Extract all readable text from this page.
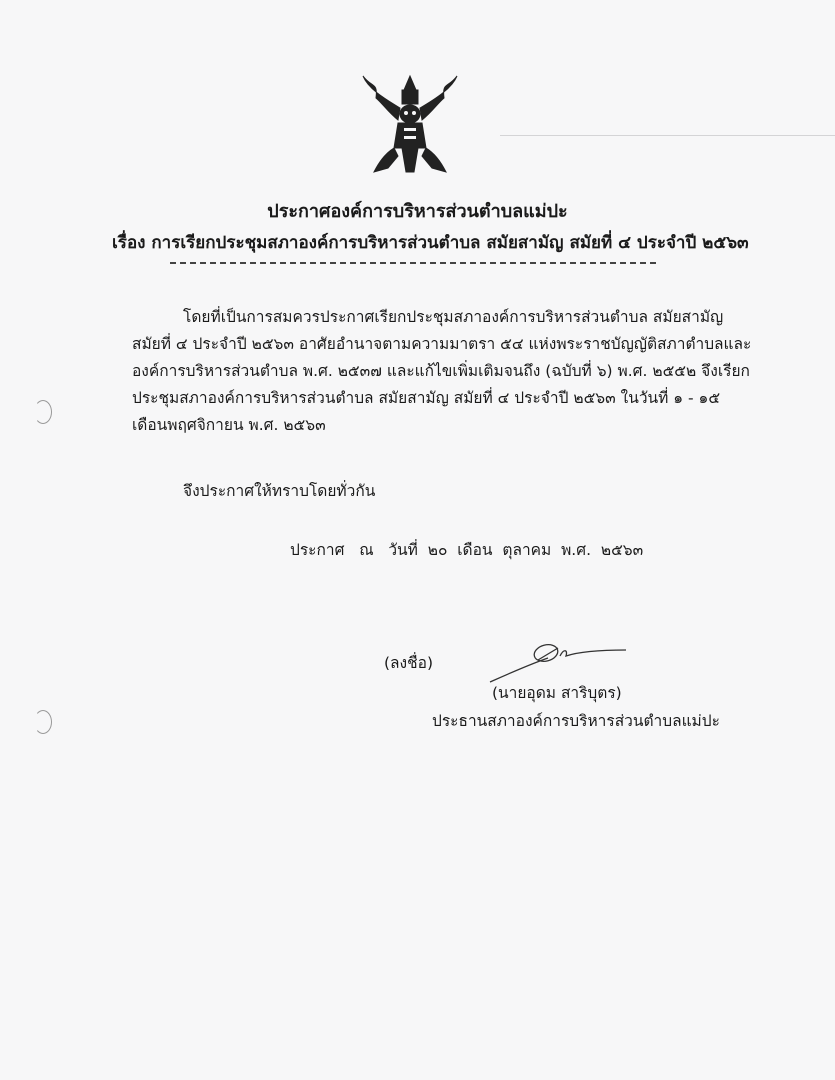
ประกาศองค์การบริหารส่วนตำบลแม่ปะ
เรื่อง การเรียกประชุมสภาองค์การบริหารส่วนตำบล สมัยสามัญ สมัยที่ ๔ ประจำปี ๒๕๖๓
โดยที่เป็นการสมควรประกาศเรียกประชุมสภาองค์การบริหารส่วนตำบล สมัยสามัญ
สมัยที่ ๔ ประจำปี ๒๕๖๓ อาศัยอำนาจตามความมาตรา ๕๔ แห่งพระราชบัญญัติสภาตำบลและ
องค์การบริหารส่วนตำบล พ.ศ. ๒๕๓๗ และแก้ไขเพิ่มเติมจนถึง (ฉบับที่ ๖) พ.ศ. ๒๕๕๒ จึงเรียก
ประชุมสภาองค์การบริหารส่วนตำบล สมัยสามัญ สมัยที่ ๔ ประจำปี ๒๕๖๓ ในวันที่ ๑ - ๑๕
เดือนพฤศจิกายน พ.ศ. ๒๕๖๓
จึงประกาศให้ทราบโดยทั่วกัน
ประกาศ   ณ   วันที่  ๒๐  เดือน  ตุลาคม  พ.ศ.  ๒๕๖๓
(ลงชื่อ)
(นายอุดม สาริบุตร)
ประธานสภาองค์การบริหารส่วนตำบลแม่ปะ
